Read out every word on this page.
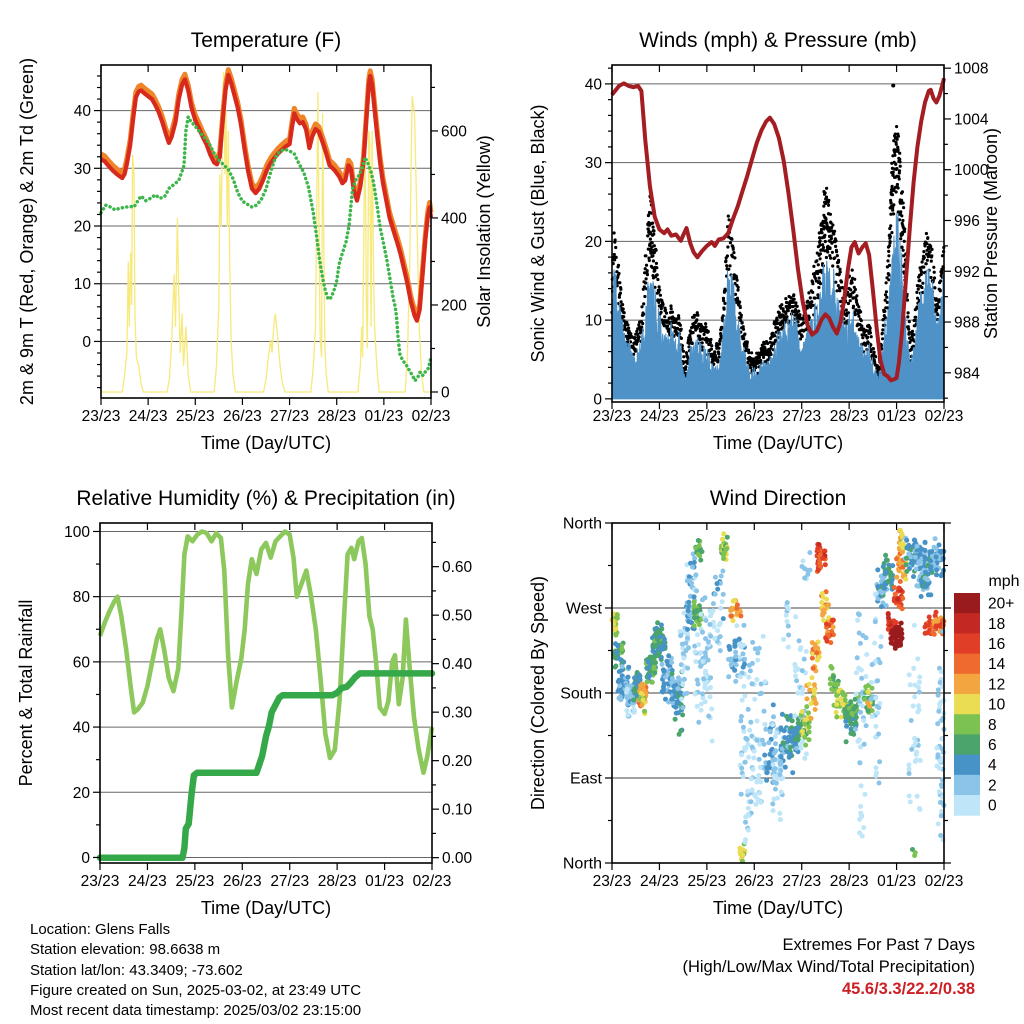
23/23 24/23 25/23 26/23 27/23 28/23 01/23 02/23
Temperature (F)
Time (Day/UTC)
2m & 9m T (Red, Orange) & 2m Td (Green)	Solar Insolation (Yellow)
0
10
20
30
40
0
200
400
600
23/23 24/23 25/23 26/23 27/23 28/23 01/23 02/23
Winds (mph) & Pressure (mb)
Time (Day/UTC)
Sonic Wind & Gust (Blue, Black)	Station Pressure (Maroon)
0
10
20
30
40
984
988
992
996
1000
1004
1008
23/23 24/23 25/23 26/23 27/23 28/23 01/23 02/23
Relative Humidity (%) & Precipitation (in)
Time (Day/UTC)
Percent & Total Rainfall
0
20
40
60
80
100
0.00
0.10
0.20
0.30
0.40
0.50
0.60
North
West
South
East
North
23/23 24/23 25/23 26/23 27/23 28/23 01/23 02/23
Wind Direction
Time (Day/UTC)
Direction (Colored By Speed)	mph
20+
18
16
14
12
10
8
6
4
2
0
Location: Glens Falls
Station elevation: 98.6638 m
Station lat/lon: 43.3409; -73.602
Figure created on Sun, 2025-03-02, at 23:49 UTC
Most recent data timestamp: 2025/03/02 23:15:00
Extremes For Past 7 Days
(High/Low/Max Wind/Total Precipitation)
45.6/3.3/22.2/0.38
